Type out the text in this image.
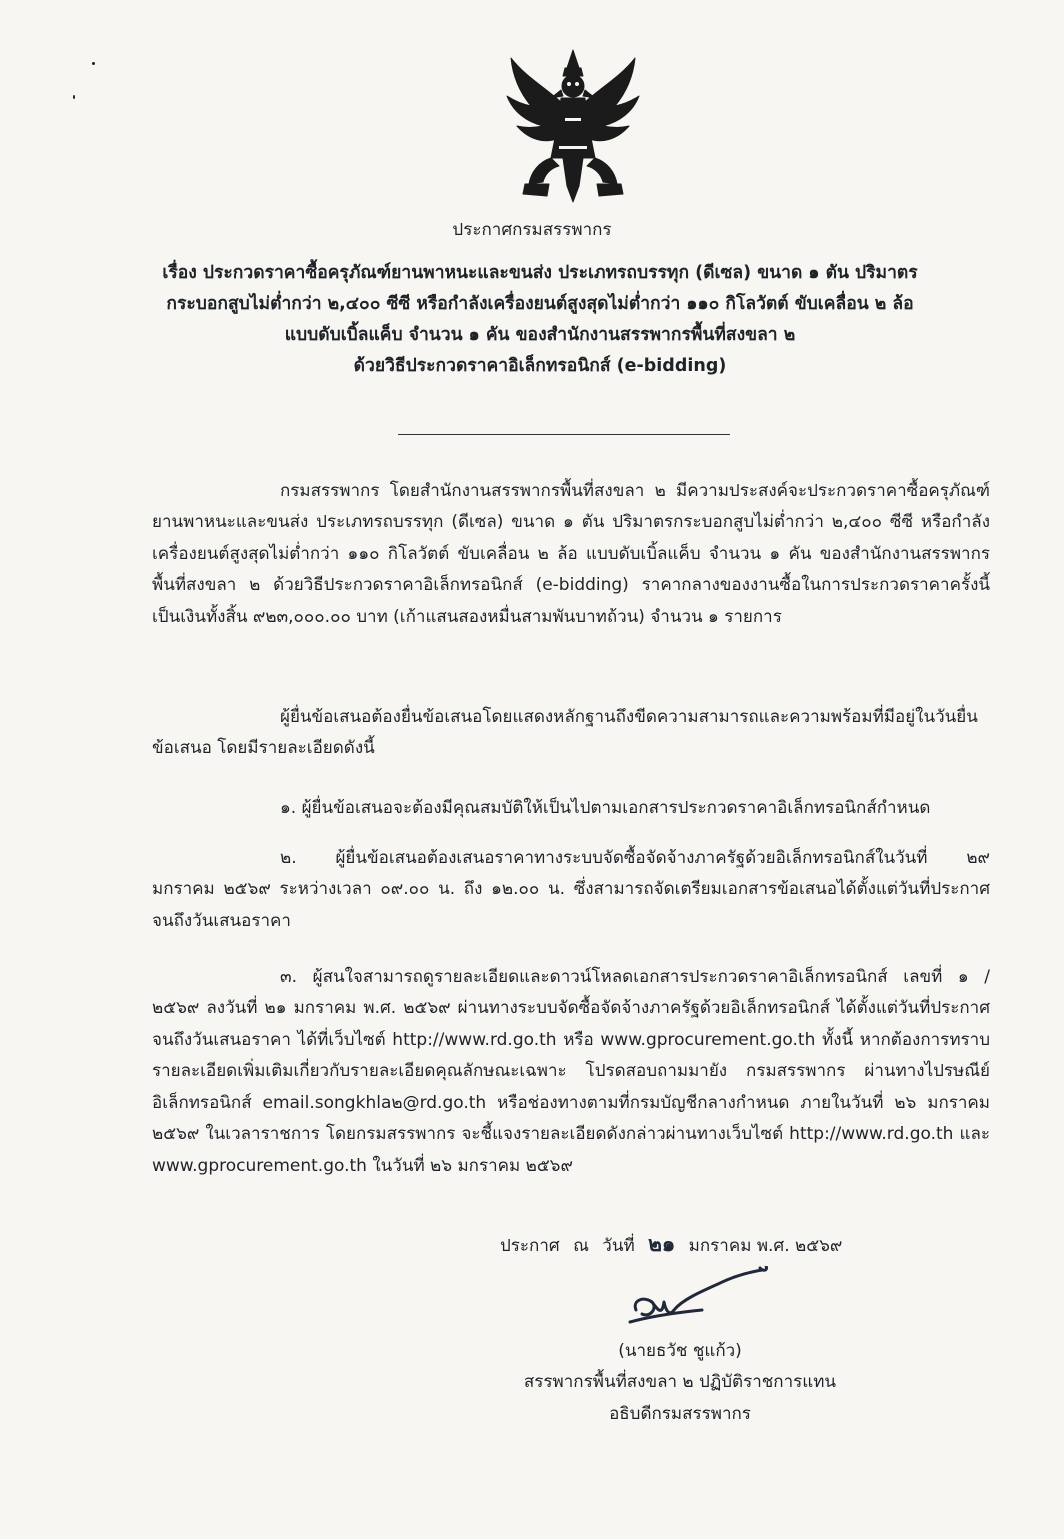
ประกาศกรมสรรพากร
เรื่อง ประกวดราคาซื้อครุภัณฑ์ยานพาหนะและขนส่ง ประเภทรถบรรทุก (ดีเซล) ขนาด ๑ ตัน ปริมาตร
กระบอกสูบไม่ต่ำกว่า ๒,๔๐๐ ซีซี หรือกำลังเครื่องยนต์สูงสุดไม่ต่ำกว่า ๑๑๐ กิโลวัตต์ ขับเคลื่อน ๒ ล้อ
แบบดับเบิ้ลแค็บ จำนวน ๑ คัน ของสำนักงานสรรพากรพื้นที่สงขลา ๒
ด้วยวิธีประกวดราคาอิเล็กทรอนิกส์ (e-bidding)

กรมสรรพากร โดยสำนักงานสรรพากรพื้นที่สงขลา ๒ มีความประสงค์จะประกวดราคาซื้อครุภัณฑ์ยานพาหนะและขนส่ง ประเภทรถบรรทุก (ดีเซล) ขนาด ๑ ตัน ปริมาตรกระบอกสูบไม่ต่ำกว่า ๒,๔๐๐ ซีซี หรือกำลังเครื่องยนต์สูงสุดไม่ต่ำกว่า ๑๑๐ กิโลวัตต์ ขับเคลื่อน ๒ ล้อ แบบดับเบิ้ลแค็บ จำนวน ๑ คัน ของสำนักงานสรรพากรพื้นที่สงขลา ๒ ด้วยวิธีประกวดราคาอิเล็กทรอนิกส์ (e-bidding) ราคากลางของงานซื้อในการประกวดราคาครั้งนี้ เป็นเงินทั้งสิ้น ๙๒๓,๐๐๐.๐๐ บาท (เก้าแสนสองหมื่นสามพันบาทถ้วน) จำนวน ๑ รายการ

ผู้ยื่นข้อเสนอต้องยื่นข้อเสนอโดยแสดงหลักฐานถึงขีดความสามารถและความพร้อมที่มีอยู่ในวันยื่นข้อเสนอ โดยมีรายละเอียดดังนี้

๑. ผู้ยื่นข้อเสนอจะต้องมีคุณสมบัติให้เป็นไปตามเอกสารประกวดราคาอิเล็กทรอนิกส์กำหนด

๒. ผู้ยื่นข้อเสนอต้องเสนอราคาทางระบบจัดซื้อจัดจ้างภาครัฐด้วยอิเล็กทรอนิกส์ในวันที่ ๒๙ มกราคม ๒๕๖๙ ระหว่างเวลา ๐๙.๐๐ น. ถึง ๑๒.๐๐ น. ซึ่งสามารถจัดเตรียมเอกสารข้อเสนอได้ตั้งแต่วันที่ประกาศจนถึงวันเสนอราคา

๓. ผู้สนใจสามารถดูรายละเอียดและดาวน์โหลดเอกสารประกวดราคาอิเล็กทรอนิกส์ เลขที่ ๑ /๒๕๖๙ ลงวันที่ ๒๑ มกราคม พ.ศ. ๒๕๖๙ ผ่านทางระบบจัดซื้อจัดจ้างภาครัฐด้วยอิเล็กทรอนิกส์ ได้ตั้งแต่วันที่ประกาศจนถึงวันเสนอราคา ได้ที่เว็บไซต์ http://www.rd.go.th หรือ www.gprocurement.go.th ทั้งนี้ หากต้องการทราบรายละเอียดเพิ่มเติมเกี่ยวกับรายละเอียดคุณลักษณะเฉพาะ โปรดสอบถามมายัง กรมสรรพากร ผ่านทางไปรษณีย์อิเล็กทรอนิกส์ email.songkhla๒@rd.go.th หรือช่องทางตามที่กรมบัญชีกลางกำหนด ภายในวันที่ ๒๖ มกราคม ๒๕๖๙ ในเวลาราชการ โดยกรมสรรพากร จะชี้แจงรายละเอียดดังกล่าวผ่านทางเว็บไซต์ http://www.rd.go.th และ www.gprocurement.go.th ในวันที่ ๒๖ มกราคม ๒๕๖๙

ประกาศ ณ วันที่ ๒๑ มกราคม พ.ศ. ๒๕๖๙
(นายธวัช ชูแก้ว)
สรรพากรพื้นที่สงขลา ๒ ปฏิบัติราชการแทน
อธิบดีกรมสรรพากร
